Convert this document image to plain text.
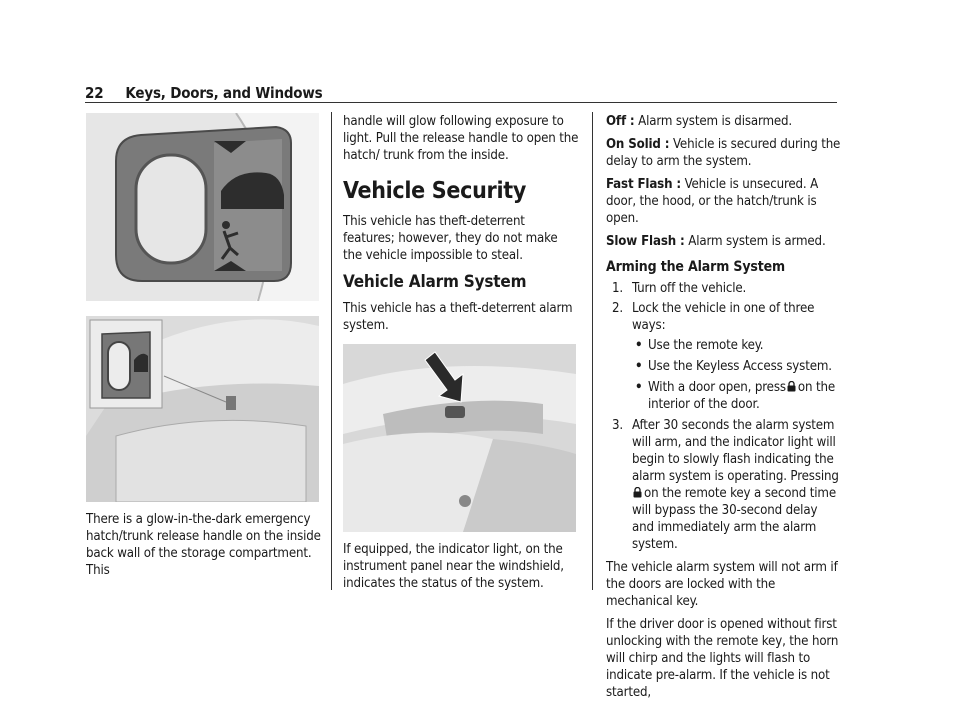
22 Keys, Doors, and Windows

There is a glow-in-the-dark emergency hatch/trunk release handle on the inside back wall of the storage compartment. This

handle will glow following exposure to light. Pull the release handle to open the hatch/ trunk from the inside.

Vehicle Security

This vehicle has theft-deterrent features; however, they do not make the vehicle impossible to steal.

Vehicle Alarm System

This vehicle has a theft-deterrent alarm system.

If equipped, the indicator light, on the instrument panel near the windshield, indicates the status of the system.

Off : Alarm system is disarmed.

On Solid : Vehicle is secured during the delay to arm the system.

Fast Flash : Vehicle is unsecured. A door, the hood, or the hatch/trunk is open.

Slow Flash : Alarm system is armed.

Arming the Alarm System
1. Turn off the vehicle.
2. Lock the vehicle in one of three ways:
• Use the remote key.
• Use the Keyless Access system.
• With a door open, press on the interior of the door.
3. After 30 seconds the alarm system will arm, and the indicator light will begin to slowly flash indicating the alarm system is operating. Pressingon the remote key a second time will bypass the 30-second delay and immediately arm the alarm system.

The vehicle alarm system will not arm if the doors are locked with the mechanical key.

If the driver door is opened without first unlocking with the remote key, the horn will chirp and the lights will flash to indicate pre-alarm. If the vehicle is not started,
